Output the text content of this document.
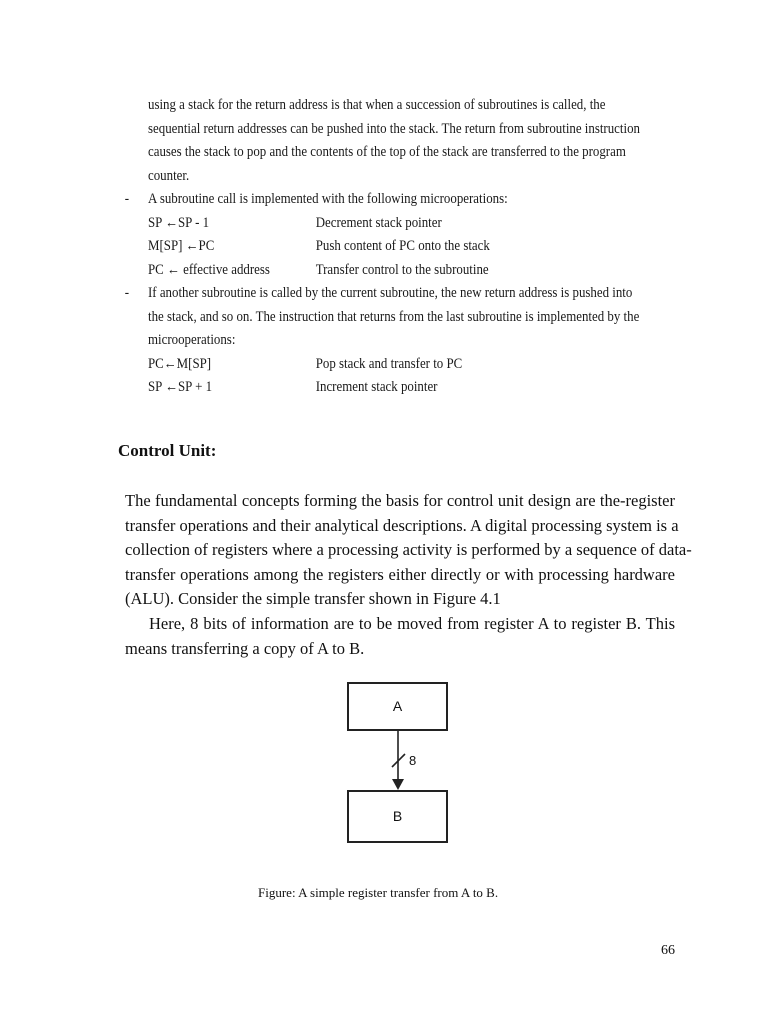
using a stack for the return address is that when a succession of subroutines is called, the
sequential return addresses can be pushed into the stack. The return from subroutine instruction
causes the stack to pop and the contents of the top of the stack are transferred to the program
counter.
- A subroutine call is implemented with the following microoperations:
SP ←SP - 1	Decrement stack pointer
M[SP] ←PC	Push content of PC onto the stack
PC ← effective address	Transfer control to the subroutine
- If another subroutine is called by the current subroutine, the new return address is pushed into
the stack, and so on. The instruction that returns from the last subroutine is implemented by the
microoperations:
PC←M[SP]	Pop stack and transfer to PC
SP ←SP + 1	Increment stack pointer
Control Unit:
The fundamental concepts forming the basis for control unit design are the-register
transfer operations and their analytical descriptions. A digital processing system is a
collection of registers where a processing activity is performed by a sequence of data-
transfer operations among the registers either directly or with processing hardware
(ALU). Consider the simple transfer shown in Figure 4.1
Here, 8 bits of information are to be moved from register A to register B. This
means transferring a copy of A to B.
A
8
B
Figure: A simple register transfer from A to B.
66
